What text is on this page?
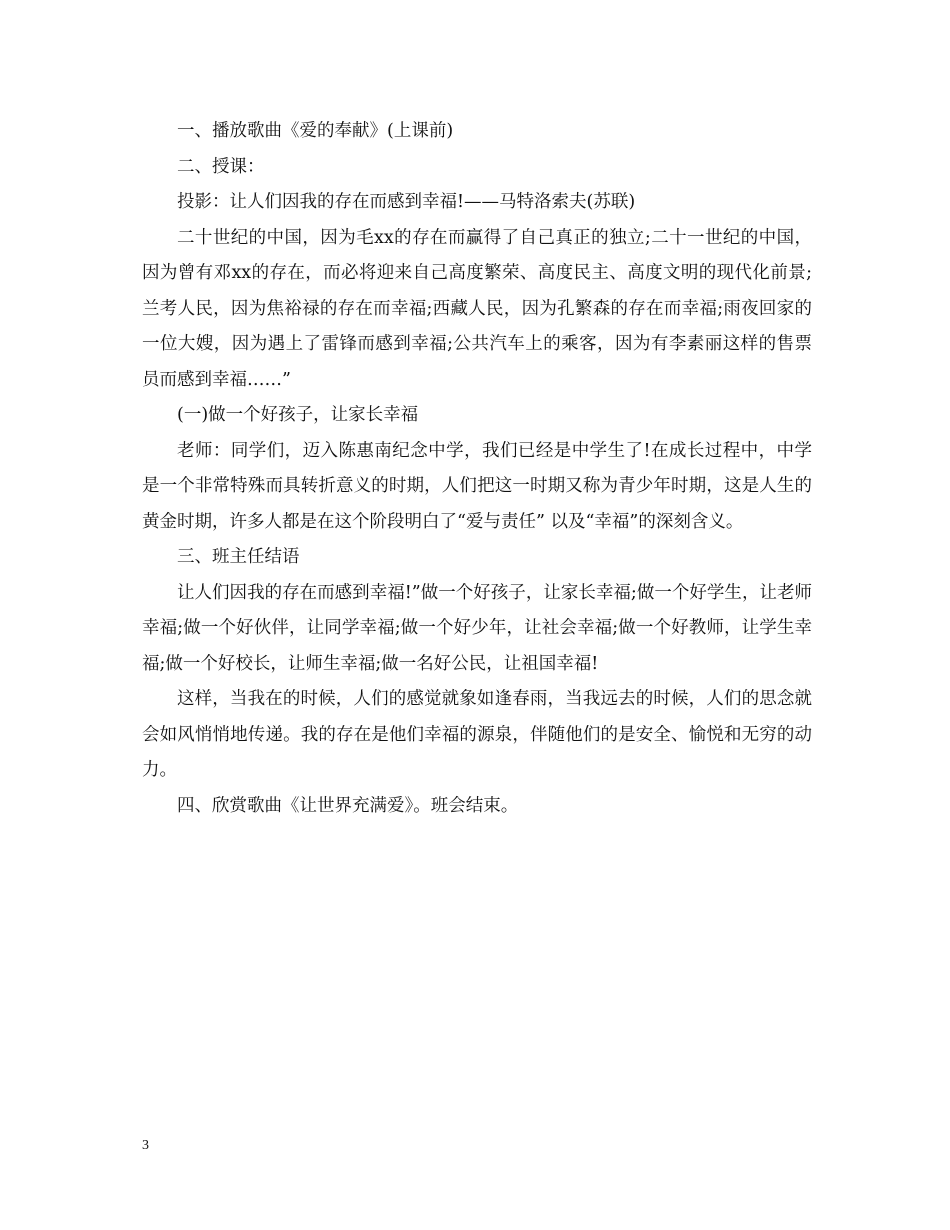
一、播放歌曲《爱的奉献》(上课前)

二、授课：

投影：让人们因我的存在而感到幸福!——马特洛索夫(苏联)

二十世纪的中国，因为毛xx的存在而赢得了自己真正的独立;二十一世纪的中国，因为曾有邓xx的存在，而必将迎来自己高度繁荣、高度民主、高度文明的现代化前景;兰考人民，因为焦裕禄的存在而幸福;西藏人民，因为孔繁森的存在而幸福;雨夜回家的一位大嫂，因为遇上了雷锋而感到幸福;公共汽车上的乘客，因为有李素丽这样的售票员而感到幸福……”

(一)做一个好孩子，让家长幸福

老师：同学们，迈入陈惠南纪念中学，我们已经是中学生了!在成长过程中，中学是一个非常特殊而具转折意义的时期，人们把这一时期又称为青少年时期，这是人生的黄金时期，许多人都是在这个阶段明白了“爱与责任” 以及“幸福”的深刻含义。

三、班主任结语

让人们因我的存在而感到幸福!”做一个好孩子，让家长幸福;做一个好学生，让老师幸福;做一个好伙伴，让同学幸福;做一个好少年，让社会幸福;做一个好教师，让学生幸福;做一个好校长，让师生幸福;做一名好公民，让祖国幸福!

这样，当我在的时候，人们的感觉就象如逢春雨，当我远去的时候，人们的思念就会如风悄悄地传递。我的存在是他们幸福的源泉，伴随他们的是安全、愉悦和无穷的动力。

四、欣赏歌曲《让世界充满爱》。班会结束。

3
